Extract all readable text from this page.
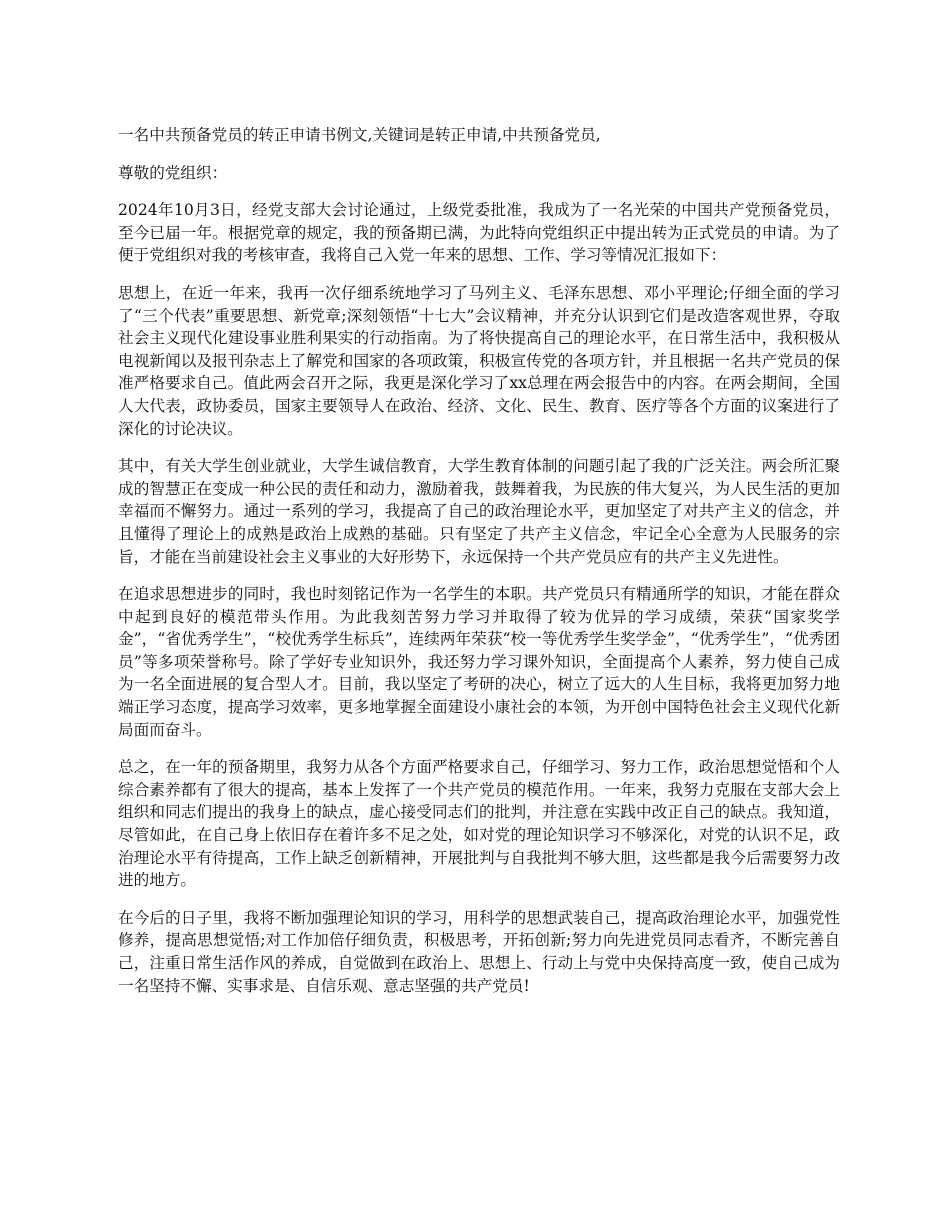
一名中共预备党员的转正申请书例文,关键词是转正申请,中共预备党员,

尊敬的党组织：

2024年10月3日，经党支部大会讨论通过，上级党委批准，我成为了一名光荣的中国共产党预备党员，至今已届一年。根据党章的规定，我的预备期已满，为此特向党组织正中提出转为正式党员的申请。为了便于党组织对我的考核审查，我将自己入党一年来的思想、工作、学习等情况汇报如下：

思想上，在近一年来，我再一次仔细系统地学习了马列主义、毛泽东思想、邓小平理论;仔细全面的学习了“三个代表”重要思想、新党章;深刻领悟“十七大”会议精神，并充分认识到它们是改造客观世界，夺取社会主义现代化建设事业胜利果实的行动指南。为了将快提高自己的理论水平，在日常生活中，我积极从电视新闻以及报刊杂志上了解党和国家的各项政策，积极宣传党的各项方针，并且根据一名共产党员的保准严格要求自己。值此两会召开之际，我更是深化学习了xx总理在两会报告中的内容。在两会期间，全国人大代表，政协委员，国家主要领导人在政治、经济、文化、民生、教育、医疗等各个方面的议案进行了深化的讨论决议。

其中，有关大学生创业就业，大学生诚信教育，大学生教育体制的问题引起了我的广泛关注。两会所汇聚成的智慧正在变成一种公民的责任和动力，激励着我，鼓舞着我，为民族的伟大复兴，为人民生活的更加幸福而不懈努力。通过一系列的学习，我提高了自己的政治理论水平，更加坚定了对共产主义的信念，并且懂得了理论上的成熟是政治上成熟的基础。只有坚定了共产主义信念，牢记全心全意为人民服务的宗旨，才能在当前建设社会主义事业的大好形势下，永远保持一个共产党员应有的共产主义先进性。

在追求思想进步的同时，我也时刻铭记作为一名学生的本职。共产党员只有精通所学的知识，才能在群众中起到良好的模范带头作用。为此我刻苦努力学习并取得了较为优异的学习成绩，荣获“国家奖学金”，“省优秀学生”，“校优秀学生标兵”，连续两年荣获“校一等优秀学生奖学金”，“优秀学生”，“优秀团员”等多项荣誉称号。除了学好专业知识外，我还努力学习课外知识，全面提高个人素养，努力使自己成为一名全面进展的复合型人才。目前，我以坚定了考研的决心，树立了远大的人生目标，我将更加努力地端正学习态度，提高学习效率，更多地掌握全面建设小康社会的本领，为开创中国特色社会主义现代化新局面而奋斗。

总之，在一年的预备期里，我努力从各个方面严格要求自己，仔细学习、努力工作，政治思想觉悟和个人综合素养都有了很大的提高，基本上发挥了一个共产党员的模范作用。一年来，我努力克服在支部大会上组织和同志们提出的我身上的缺点，虚心接受同志们的批判，并注意在实践中改正自己的缺点。我知道，尽管如此，在自己身上依旧存在着许多不足之处，如对党的理论知识学习不够深化，对党的认识不足，政治理论水平有待提高，工作上缺乏创新精神，开展批判与自我批判不够大胆，这些都是我今后需要努力改进的地方。

在今后的日子里，我将不断加强理论知识的学习，用科学的思想武装自己，提高政治理论水平，加强党性修养，提高思想觉悟;对工作加倍仔细负责，积极思考，开拓创新;努力向先进党员同志看齐，不断完善自己，注重日常生活作风的养成，自觉做到在政治上、思想上、行动上与党中央保持高度一致，使自己成为一名坚持不懈、实事求是、自信乐观、意志坚强的共产党员!
